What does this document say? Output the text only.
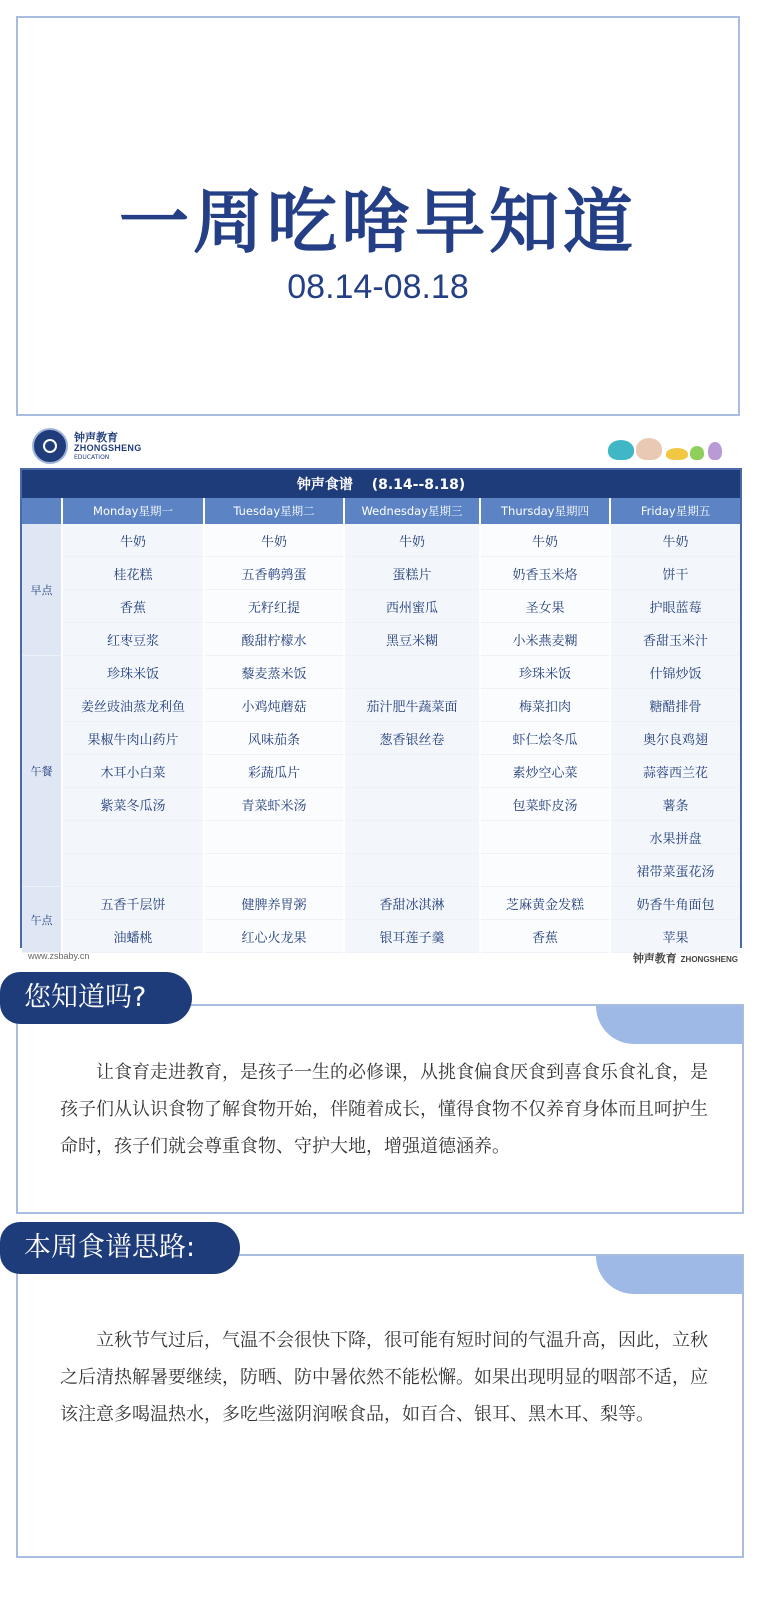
一周吃啥早知道
08.14-08.18
钟声教育
ZHONGSHENG
EDUCATION
钟声食谱　 (8.14--8.18)					
	Monday星期一	Tuesday星期二	Wednesday星期三	Thursday星期四	Friday星期五
早点	牛奶	牛奶	牛奶	牛奶	牛奶
	桂花糕	五香鹌鹑蛋	蛋糕片	奶香玉米烙	饼干
	香蕉	无籽红提	西州蜜瓜	圣女果	护眼蓝莓
	红枣豆浆	酸甜柠檬水	黑豆米糊	小米燕麦糊	香甜玉米汁
午餐	珍珠米饭	藜麦蒸米饭		珍珠米饭	什锦炒饭
	姜丝豉油蒸龙利鱼	小鸡炖蘑菇	茄汁肥牛蔬菜面	梅菜扣肉	糖醋排骨
	果椒牛肉山药片	风味茄条	葱香银丝卷	虾仁烩冬瓜	奥尔良鸡翅
	木耳小白菜	彩蔬瓜片		素炒空心菜	蒜蓉西兰花
	紫菜冬瓜汤	青菜虾米汤		包菜虾皮汤	薯条
					水果拼盘
					裙带菜蛋花汤
午点	五香千层饼	健脾养胃粥	香甜冰淇淋	芝麻黄金发糕	奶香牛角面包
	油蟠桃	红心火龙果	银耳莲子羹	香蕉	苹果
www.zsbaby.cn	钟声教育 ZHONGSHENG
让食育走进教育，是孩子一生的必修课，从挑食偏食厌食到喜食乐食礼食，是孩子们从认识食物了解食物开始，伴随着成长，懂得食物不仅养育身体而且呵护生命时，孩子们就会尊重食物、守护大地，增强道德涵养。
您知道吗?
立秋节气过后，气温不会很快下降，很可能有短时间的气温升高，因此，立秋之后清热解暑要继续，防晒、防中暑依然不能松懈。如果出现明显的咽部不适，应该注意多喝温热水，多吃些滋阴润喉食品，如百合、银耳、黑木耳、梨等。
本周食谱思路:
